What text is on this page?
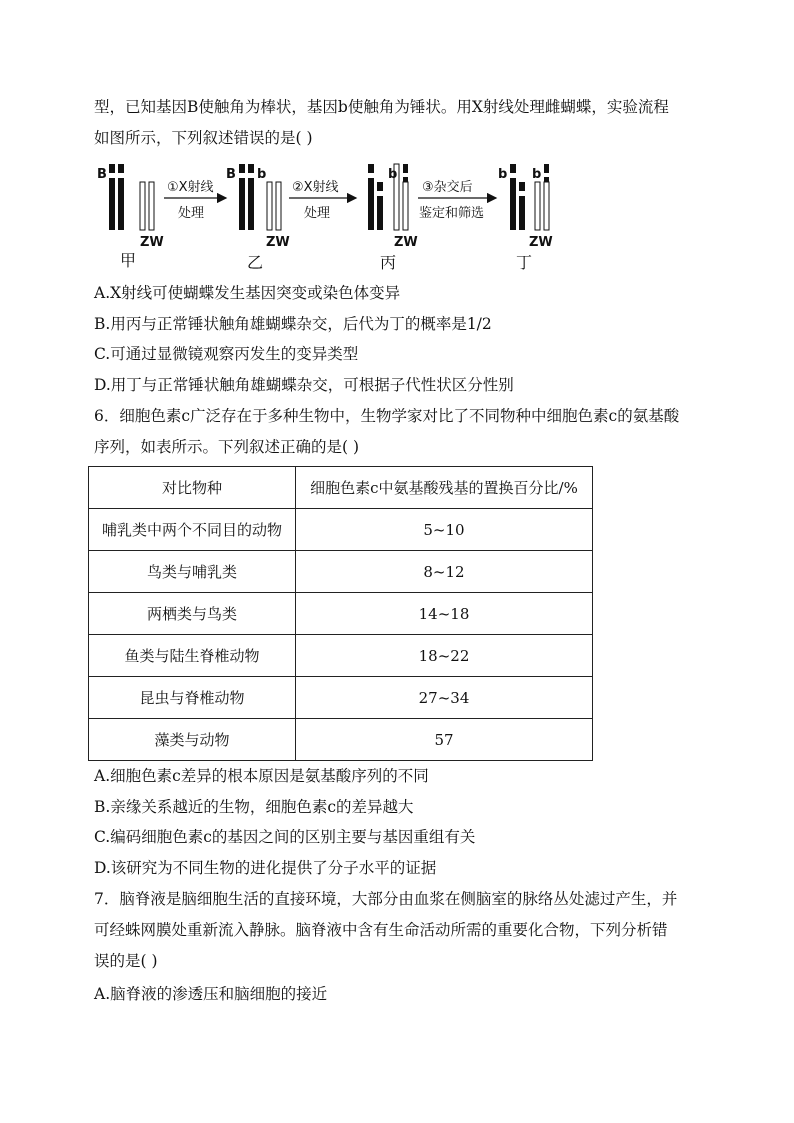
型，已知基因B使触角为棒状，基因b使触角为锤状。用X射线处理雌蝴蝶，实验流程
如图所示，下列叙述错误的是( )
B
ZW
①X射线
处理
B b
ZW
②X射线
处理
b
ZW
③杂交后
鉴定和筛选
b b
ZW
甲	乙	丙	丁
A.X射线可使蝴蝶发生基因突变或染色体变异
B.用丙与正常锤状触角雄蝴蝶杂交，后代为丁的概率是1/2
C.可通过显微镜观察丙发生的变异类型
D.用丁与正常锤状触角雄蝴蝶杂交，可根据子代性状区分性别
6．细胞色素c广泛存在于多种生物中，生物学家对比了不同物种中细胞色素c的氨基酸
序列，如表所示。下列叙述正确的是( )
对比物种	细胞色素c中氨基酸残基的置换百分比/%
哺乳类中两个不同目的动物	5~10
鸟类与哺乳类	8~12
两栖类与鸟类	14~18
鱼类与陆生脊椎动物	18~22
昆虫与脊椎动物	27~34
藻类与动物	57
A.细胞色素c差异的根本原因是氨基酸序列的不同
B.亲缘关系越近的生物，细胞色素c的差异越大
C.编码细胞色素c的基因之间的区别主要与基因重组有关
D.该研究为不同生物的进化提供了分子水平的证据
7．脑脊液是脑细胞生活的直接环境，大部分由血浆在侧脑室的脉络丛处滤过产生，并
可经蛛网膜处重新流入静脉。脑脊液中含有生命活动所需的重要化合物，下列分析错
误的是( )
A.脑脊液的渗透压和脑细胞的接近
